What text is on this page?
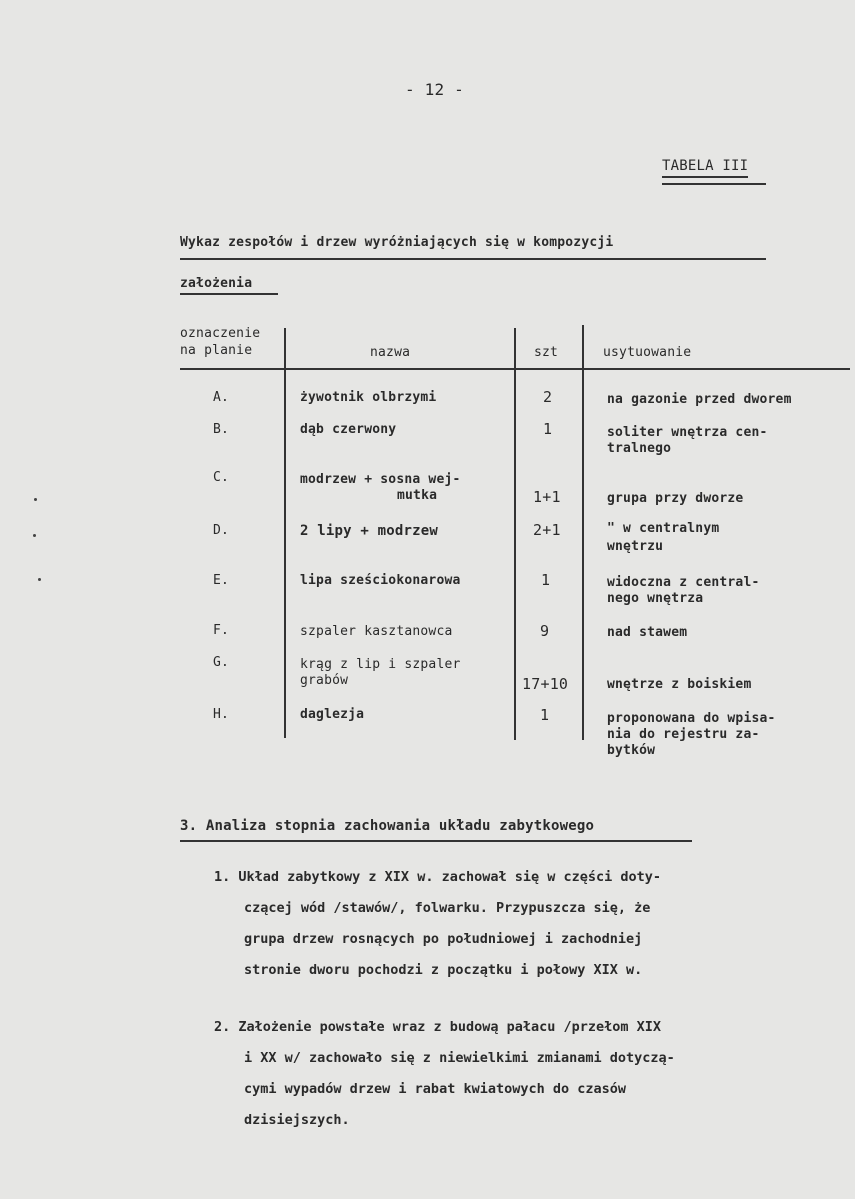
- 12 -
TABELA III
Wykaz zespołów i drzew wyróżniających się w kompozycji
założenia
oznaczenie
na planie	nazwa	szt	usytuowanie
A.	żywotnik olbrzymi	2	na gazonie przed dworem
B.	dąb czerwony	1	soliter wnętrza cen-
tralnego
C.	modrzew + sosna wej-
mutka	1+1	grupa przy dworze
D.	2 lipy + modrzew	2+1	" w centralnym
wnętrzu
E.	lipa sześciokonarowa	1	widoczna z central-
nego wnętrza
F.	szpaler kasztanowca	9	nad stawem
G.	krąg z lip i szpaler
grabów	17+10	wnętrze z boiskiem
H.	daglezja	1	proponowana do wpisa-
nia do rejestru za-
bytków
3. Analiza stopnia zachowania układu zabytkowego
1. Układ zabytkowy z XIX w. zachował się w części doty-
czącej wód /stawów/, folwarku. Przypuszcza się, że
grupa drzew rosnących po południowej i zachodniej
stronie dworu pochodzi z początku i połowy XIX w.
2. Założenie powstałe wraz z budową pałacu /przełom XIX
i XX w/ zachowało się z niewielkimi zmianami dotyczą-
cymi wypadów drzew i rabat kwiatowych do czasów
dzisiejszych.
